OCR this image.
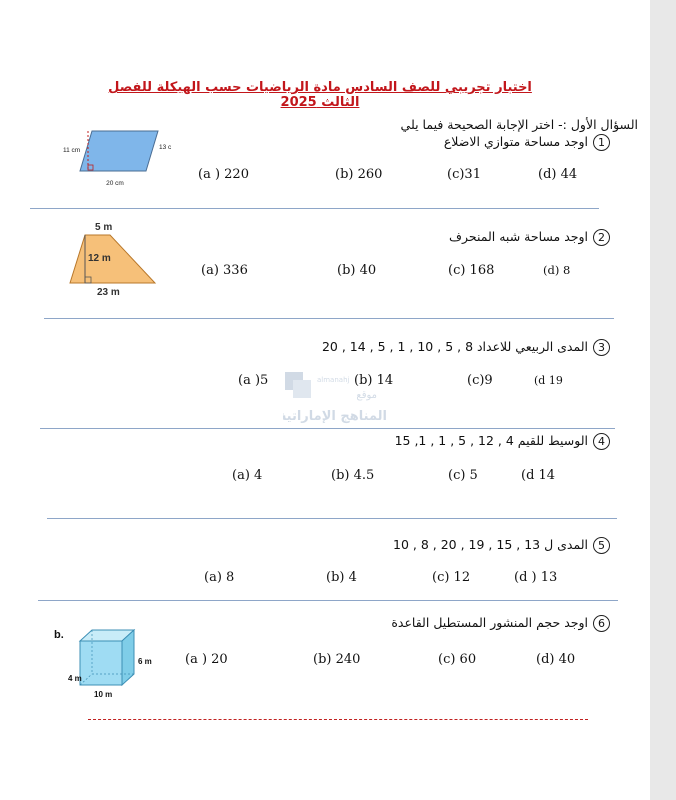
اختبار تجريبي للصف السادس مادة الرياضيات حسب الهيكلة للفصل الثالث 2025
السؤال الأول :- اختر الإجابة الصحيحة فيما يلي
1اوجد مساحة متوازي الاضلاع
11 cm	13 c
20 cm
(a ) 220	(b) 260	(c)31	(d) 44
2اوجد مساحة شبه المنحرف
5 m
12 m
23 m
(a) 336	(b) 40	(c) 168	(d) 8
3المدى الربيعي للاعداد 8 , 5 , 10 , 1 , 5 , 14 , 20
(a )5	(b) 14	(c)9	(d 19
almanahj
موقع
المناهج الإماراتية
4الوسيط للقيم 4 , 12 , 5 , 1 , 1, 15
(a) 4	(b) 4.5	(c) 5	(d 14
5المدى ل 13 , 15 , 19 , 20 , 8 , 10
(a) 8	(b) 4	(c) 12	(d ) 13
6اوجد حجم المنشور المستطيل القاعدة
b.
6 m
4 m
10 m
(a ) 20	(b) 240	(c) 60	(d) 40
